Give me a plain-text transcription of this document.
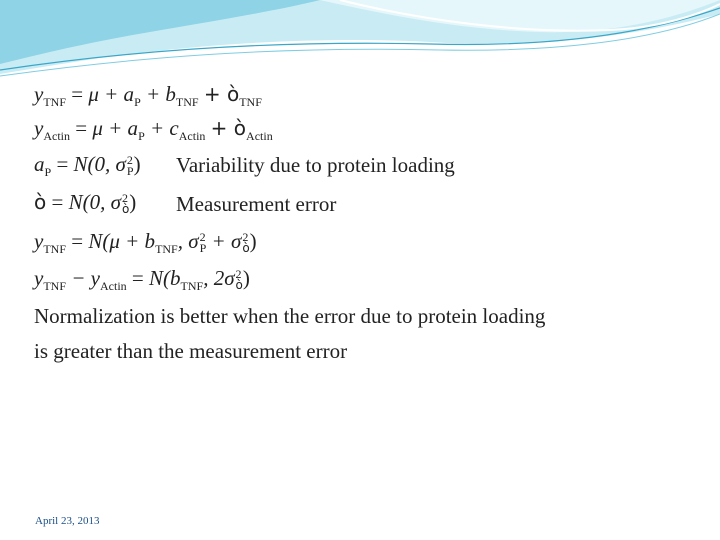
$y_{TNF} = \mu + a_P + b_{TNF}$ + $ò_{TNF}$
$y_{Actin} = \mu + a_P + c_{Actin}$ + $ò_{Actin}$
$a_P = N(0$, σ 2
P ) Variability due to protein loading
ò = N(0, σ 2
ò ) Measurement error
$y_{TNF} = N(\mu + b_{TNF}$, σ 2
P + σ 2
ò )
$y_{TNF} - y_{Actin} = N(b_{TNF}$, 2σ 2
ò )
Normalization is better when the error due to protein loading
is greater than the measurement error
April 23, 2013
